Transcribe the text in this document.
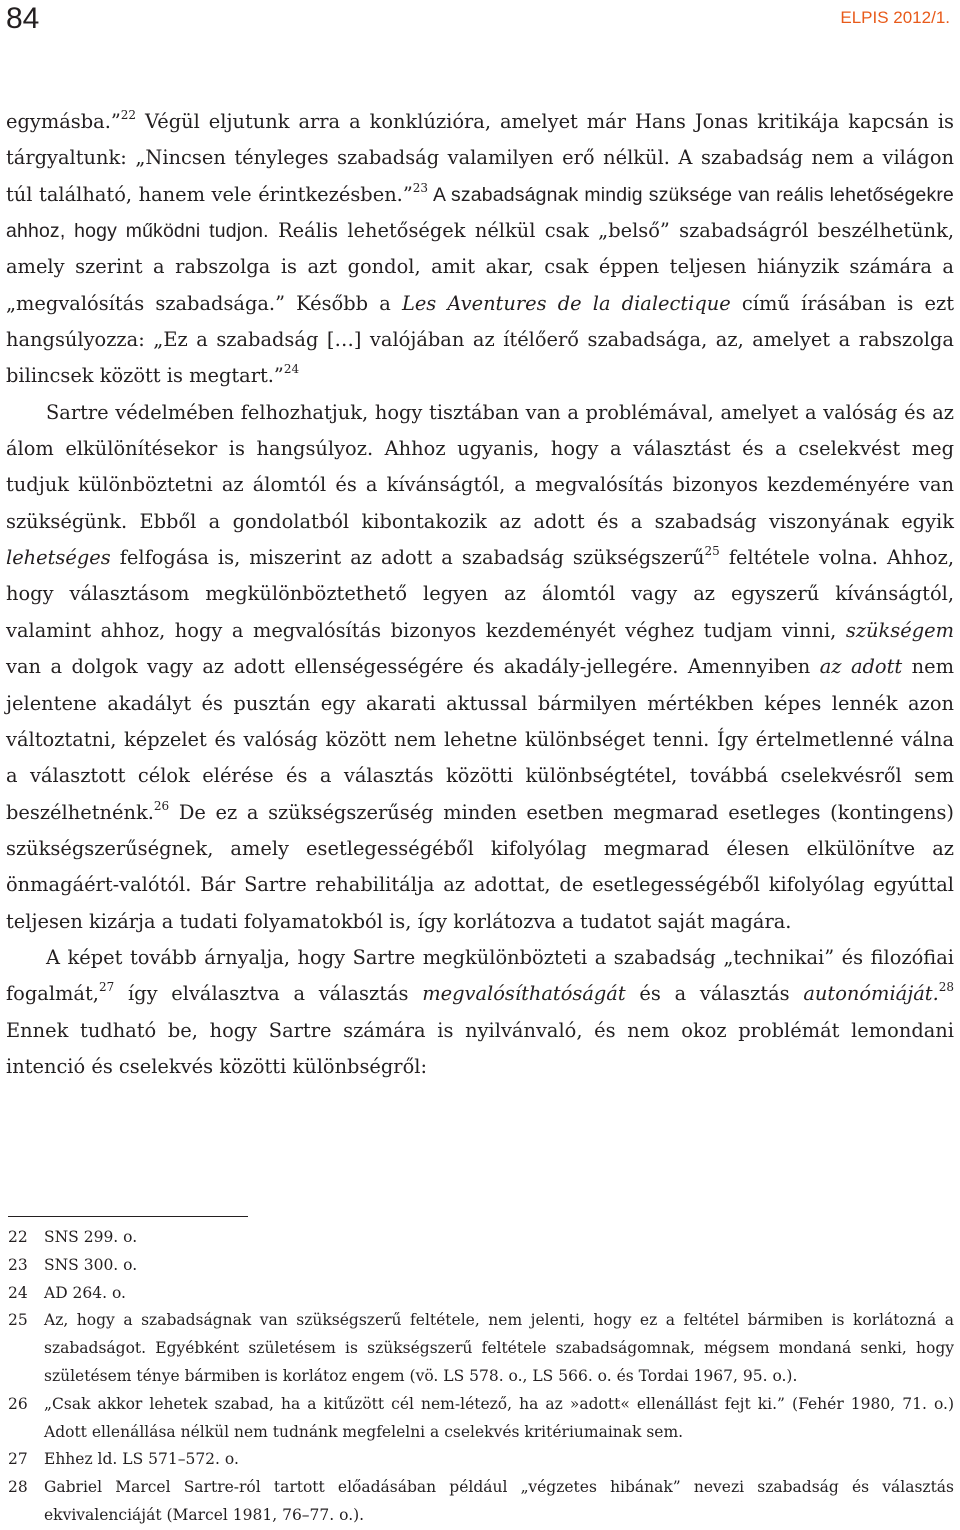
84	ELPIS 2012/1.

egymásba.”$^{22}$ Végül eljutunk arra a konklúzióra, amelyet már Hans Jonas kritikája kapcsán is tárgyaltunk: „Nincsen tényleges szabadság valamilyen erő nélkül. A szabadság nem a világon túl található, hanem vele érintkezésben.”$^{23}$ A szabadságnak mindig szüksége van reális lehetőségekre ahhoz, hogy működni tudjon. Reális lehetőségek nélkül csak „belső” szabadságról beszélhetünk, amely szerint a rabszolga is azt gondol, amit akar, csak éppen teljesen hiányzik számára a „megvalósítás szabadsága.” Később a Les Aventures de la dialectique című írásában is ezt hangsúlyozza: „Ez a szabadság […] valójában az ítélőerő szabadsága, az, amelyet a rabszolga bilincsek között is megtart.”$^{24}$

Sartre védelmében felhozhatjuk, hogy tisztában van a problémával, amelyet a valóság és az álom elkülönítésekor is hangsúlyoz. Ahhoz ugyanis, hogy a választást és a cselekvést meg tudjuk különböztetni az álomtól és a kívánságtól, a megvalósítás bizonyos kezdeményére van szükségünk. Ebből a gondolatból kibontakozik az adott és a szabadság viszonyának egyik lehetséges felfogása is, miszerint az adott a szabadság szükségszerű$^{25}$ feltétele volna. Ahhoz, hogy választásom megkülönböztethető legyen az álomtól vagy az egyszerű kívánságtól, valamint ahhoz, hogy a megvalósítás bizonyos kezdeményét véghez tudjam vinni, szükségem van a dolgok vagy az adott ellenségességére és akadály-jellegére. Amennyiben az adott nem jelentene akadályt és pusztán egy akarati aktussal bármilyen mértékben képes lennék azon változtatni, képzelet és valóság között nem lehetne különbséget tenni. Így értelmetlenné válna a választott célok elérése és a választás közötti különbségtétel, továbbá cselekvésről sem beszélhetnénk.$^{26}$ De ez a szükségszerűség minden esetben megmarad esetleges (kontingens) szükségszerűségnek, amely esetlegességéből kifolyólag megmarad élesen elkülönítve az önmagáért-valótól. Bár Sartre rehabilitálja az adottat, de esetlegességéből kifolyólag egyúttal teljesen kizárja a tudati folyamatokból is, így korlátozva a tudatot saját magára.

A képet tovább árnyalja, hogy Sartre megkülönbözteti a szabadság „technikai” és filozófiai fogalmát,$^{27}$ így elválasztva a választás megvalósíthatóságát és a választás autonómiáját.$^{28}$ Ennek tudható be, hogy Sartre számára is nyilvánvaló, és nem okoz problémát lemondani intenció és cselekvés közötti különbségről:

22	SNS 299. o.
23	SNS 300. o.
24	AD 264. o.
25	Az, hogy a szabadságnak van szükségszerű feltétele, nem jelenti, hogy ez a feltétel bármiben is korlátozná a szabadságot. Egyébként születésem is szükségszerű feltétele szabadságomnak, mégsem mondaná senki, hogy születésem ténye bármiben is korlátoz engem (vö. LS 578. o., LS 566. o. és Tordai 1967, 95. o.).
26	„Csak akkor lehetek szabad, ha a kitűzött cél nem-létező, ha az »adott« ellenállást fejt ki.” (Fehér 1980, 71. o.) Adott ellenállása nélkül nem tudnánk megfelelni a cselekvés kritériumainak sem.
27	Ehhez ld. LS 571–572. o.
28	Gabriel Marcel Sartre-ról tartott előadásában például „végzetes hibának” nevezi szabadság és választás ekvivalenciáját (Marcel 1981, 76–77. o.).
